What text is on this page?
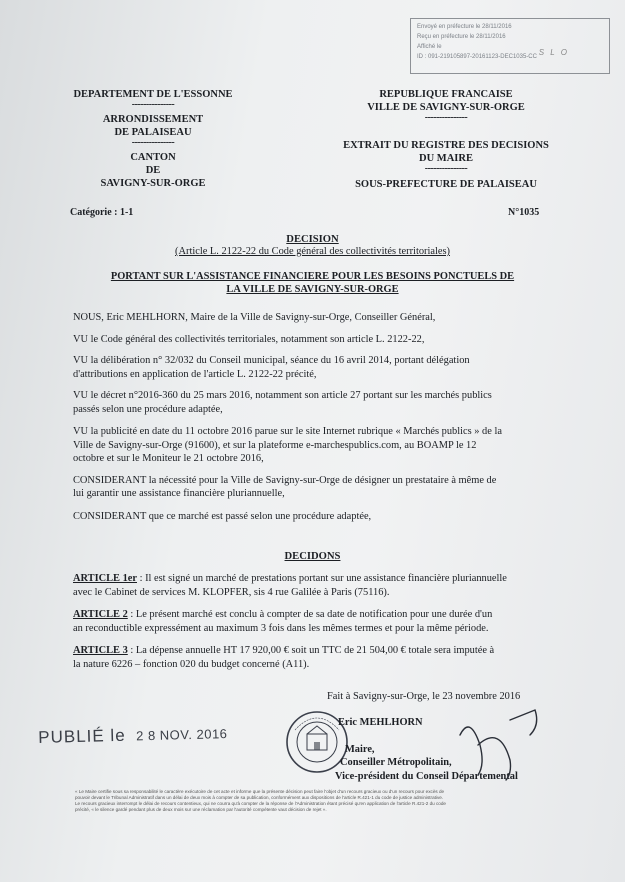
Envoyé en préfecture le 28/11/2016
Reçu en préfecture le 28/11/2016
Affiché le
ID : 091-219105897-20161123-DEC1035-CC S L O
DEPARTEMENT DE L'ESSONNE
---------------
ARRONDISSEMENT
DE PALAISEAU
---------------
CANTON
DE
SAVIGNY-SUR-ORGE
REPUBLIQUE FRANCAISE
VILLE DE SAVIGNY-SUR-ORGE
---------------
EXTRAIT DU REGISTRE DES DECISIONS
DU MAIRE
---------------
SOUS-PREFECTURE DE PALAISEAU
Catégorie : 1-1	N°1035
DECISION
(Article L. 2122-22 du Code général des collectivités territoriales)
PORTANT SUR L'ASSISTANCE FINANCIERE POUR LES BESOINS PONCTUELS DE
LA VILLE DE SAVIGNY-SUR-ORGE
NOUS, Eric MEHLHORN, Maire de la Ville de Savigny-sur-Orge, Conseiller Général,
VU le Code général des collectivités territoriales, notamment son article L. 2122-22,
VU la délibération n° 32/032 du Conseil municipal, séance du 16 avril 2014, portant délégation
d'attributions en application de l'article L. 2122-22 précité,
VU le décret n°2016-360 du 25 mars 2016, notamment son article 27 portant sur les marchés publics
passés selon une procédure adaptée,
VU la publicité en date du 11 octobre 2016 parue sur le site Internet rubrique « Marchés publics » de la
Ville de Savigny-sur-Orge (91600), et sur la plateforme e-marchespublics.com, au BOAMP le 12
octobre et sur le Moniteur le 21 octobre 2016,
CONSIDERANT la nécessité pour la Ville de Savigny-sur-Orge de désigner un prestataire à même de
lui garantir une assistance financière pluriannuelle,
CONSIDERANT que ce marché est passé selon une procédure adaptée,
DECIDONS
ARTICLE 1er : Il est signé un marché de prestations portant sur une assistance financière pluriannuelle
avec le Cabinet de services M. KLOPFER, sis 4 rue Galilée à Paris (75116).
ARTICLE 2 : Le présent marché est conclu à compter de sa date de notification pour une durée d'un
an reconductible expressément au maximum 3 fois dans les mêmes termes et pour la même période.
ARTICLE 3 : La dépense annuelle HT 17 920,00 € soit un TTC de 21 504,00 € totale sera imputée à
la nature 6226 – fonction 020 du budget concerné (A11).
Fait à Savigny-sur-Orge, le 23 novembre 2016
Eric MEHLHORN
Maire,
Conseiller Métropolitain,
Vice-président du Conseil Départemental
PUBLIÉ le 2 8 NOV. 2016
« Le Maire certifie sous sa responsabilité le caractère exécutoire de cet acte et informe que la présente décision peut faire l'objet d'un recours gracieux ou d'un recours pour excès de
pouvoir devant le Tribunal Administratif dans un délai de deux mois à compter de sa publication, conformément aux dispositions de l'article R.421-1 du code de justice administrative.
Le recours gracieux interrompt le délai de recours contentieux, qui ne courra qu'à compter de la réponse de l'Administration étant précisé qu'en application de l'article R.421-2 du code
précité, « le silence gardé pendant plus de deux mois sur une réclamation par l'autorité compétente vaut décision de rejet ».
